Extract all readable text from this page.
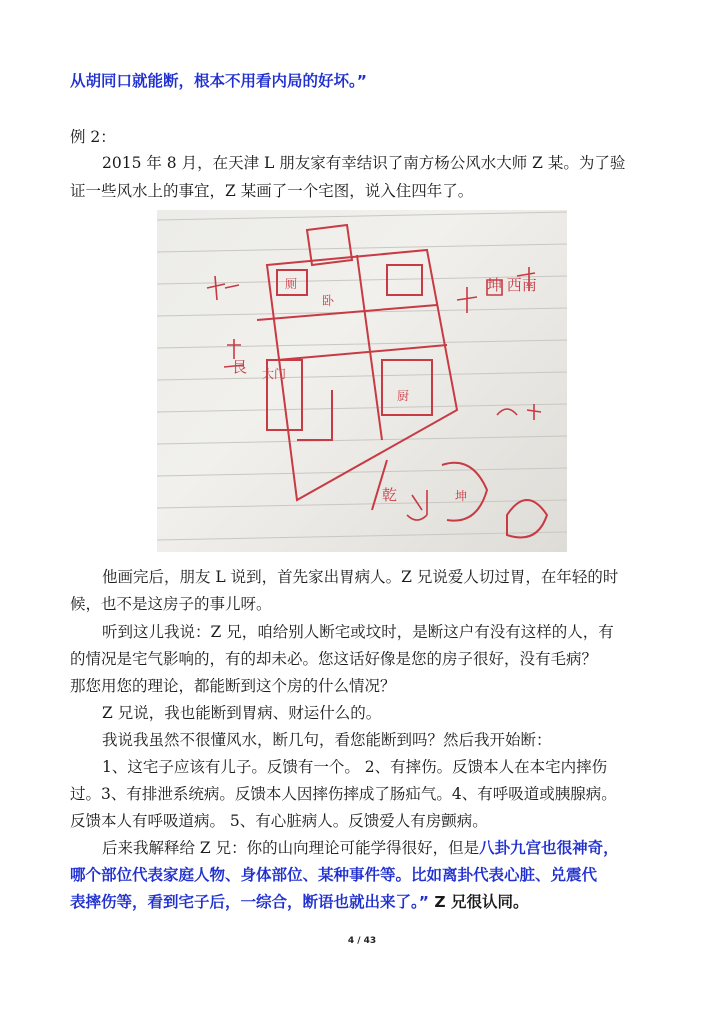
从胡同口就能断，根本不用看内局的好坏。”
例 2：
2015 年 8 月，在天津 L 朋友家有幸结识了南方杨公风水大师 Z 某。为了验
证一些风水上的事宜，Z 某画了一个宅图，说入住四年了。
坤 西南
艮 大门
乾
厨
卧
厕
坤
他画完后，朋友 L 说到，首先家出胃病人。Z 兄说爱人切过胃，在年轻的时
候，也不是这房子的事儿呀。
听到这儿我说：Z 兄，咱给别人断宅或坟时，是断这户有没有这样的人，有
的情况是宅气影响的，有的却未必。您这话好像是您的房子很好，没有毛病？
那您用您的理论，都能断到这个房的什么情况？
Z 兄说，我也能断到胃病、财运什么的。
我说我虽然不很懂风水，断几句，看您能断到吗？然后我开始断：
1、这宅子应该有儿子。反馈有一个。 2、有摔伤。反馈本人在本宅内摔伤
过。3、有排泄系统病。反馈本人因摔伤摔成了肠疝气。4、有呼吸道或胰腺病。
反馈本人有呼吸道病。 5、有心脏病人。反馈爱人有房颤病。
后来我解释给 Z 兄：你的山向理论可能学得很好，但是八卦九宫也很神奇，
哪个部位代表家庭人物、身体部位、某种事件等。比如离卦代表心脏、兑震代
表摔伤等，看到宅子后，一综合，断语也就出来了。” Z 兄很认同。
4 / 43
